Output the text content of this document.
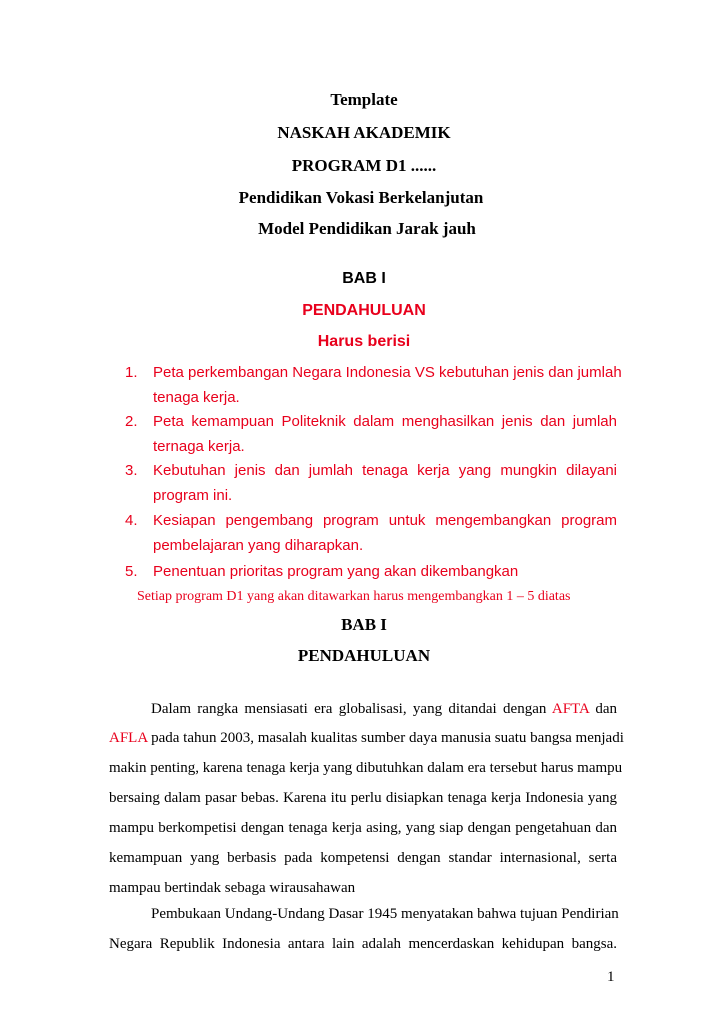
Template
NASKAH AKADEMIK
PROGRAM D1 ......
Pendidikan Vokasi Berkelanjutan
Model Pendidikan Jarak jauh
BAB I
PENDAHULUAN
Harus berisi
1. Peta perkembangan Negara Indonesia VS kebutuhan jenis dan jumlah
tenaga kerja.
2. Peta kemampuan Politeknik dalam menghasilkan jenis dan jumlah
ternaga kerja.
3. Kebutuhan jenis dan jumlah tenaga kerja yang mungkin dilayani
program ini.
4. Kesiapan pengembang program untuk mengembangkan program
pembelajaran yang diharapkan.
5. Penentuan prioritas program yang akan dikembangkan
Setiap program D1 yang akan ditawarkan harus mengembangkan 1 – 5 diatas
BAB I
PENDAHULUAN
Dalam rangka mensiasati era globalisasi, yang ditandai dengan AFTA dan
AFLA pada tahun 2003, masalah kualitas sumber daya manusia suatu bangsa menjadi
makin penting, karena tenaga kerja yang dibutuhkan dalam era tersebut harus mampu
bersaing dalam pasar bebas. Karena itu perlu disiapkan tenaga kerja Indonesia yang
mampu berkompetisi dengan tenaga kerja asing, yang siap dengan pengetahuan dan
kemampuan yang berbasis pada kompetensi dengan standar internasional, serta
mampau bertindak sebaga wirausahawan
Pembukaan Undang-Undang Dasar 1945 menyatakan bahwa tujuan Pendirian
Negara Republik Indonesia antara lain adalah mencerdaskan kehidupan bangsa.
1
